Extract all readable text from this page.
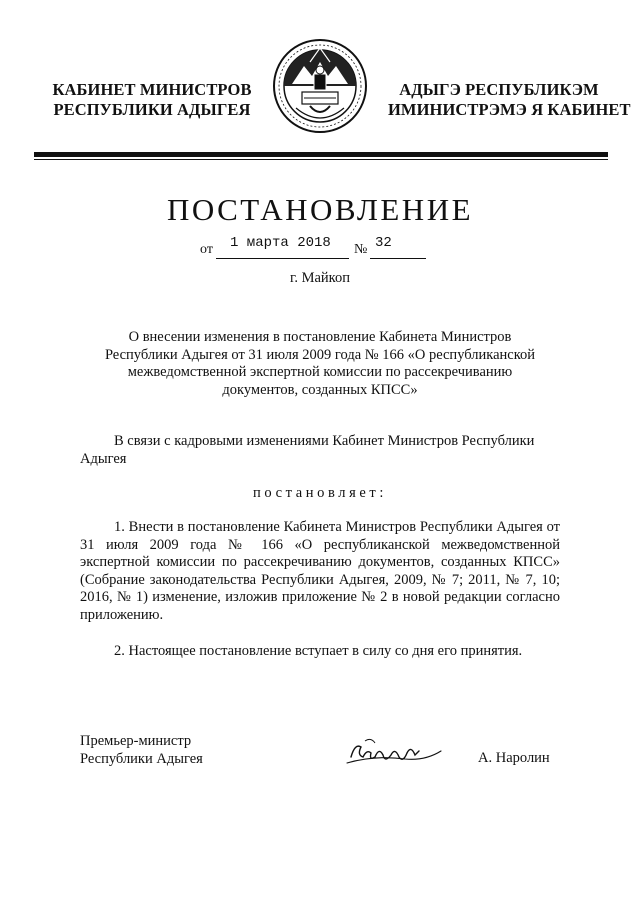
КАБИНЕТ МИНИСТРОВ
РЕСПУБЛИКИ АДЫГЕЯ
АДЫГЭ РЕСПУБЛИКЭМ
ИМИНИСТРЭМЭ Я КАБИНЕТ
ПОСТАНОВЛЕНИЕ
от 1 марта 2018 № 32
г. Майкоп
О внесении изменения в постановление Кабинета Министров
Республики Адыгея от 31 июля 2009 года № 166 «О республиканской
межведомственной экспертной комиссии по рассекречиванию
документов, созданных КПСС»
В связи с кадровыми изменениями Кабинет Министров Республики Адыгея
постановляет:
1. Внести в постановление Кабинета Министров Республики Адыгея от 31 июля 2009 года № 166 «О республиканской межведомственной экспертной комиссии по рассекречиванию документов, созданных КПСС» (Собрание законодательства Республики Адыгея, 2009, № 7; 2011, № 7, 10; 2016, № 1) изменение, изложив приложение № 2 в новой редакции согласно приложению.
2. Настоящее постановление вступает в силу со дня его принятия.
Премьер-министр
Республики Адыгея	А. Наролин
